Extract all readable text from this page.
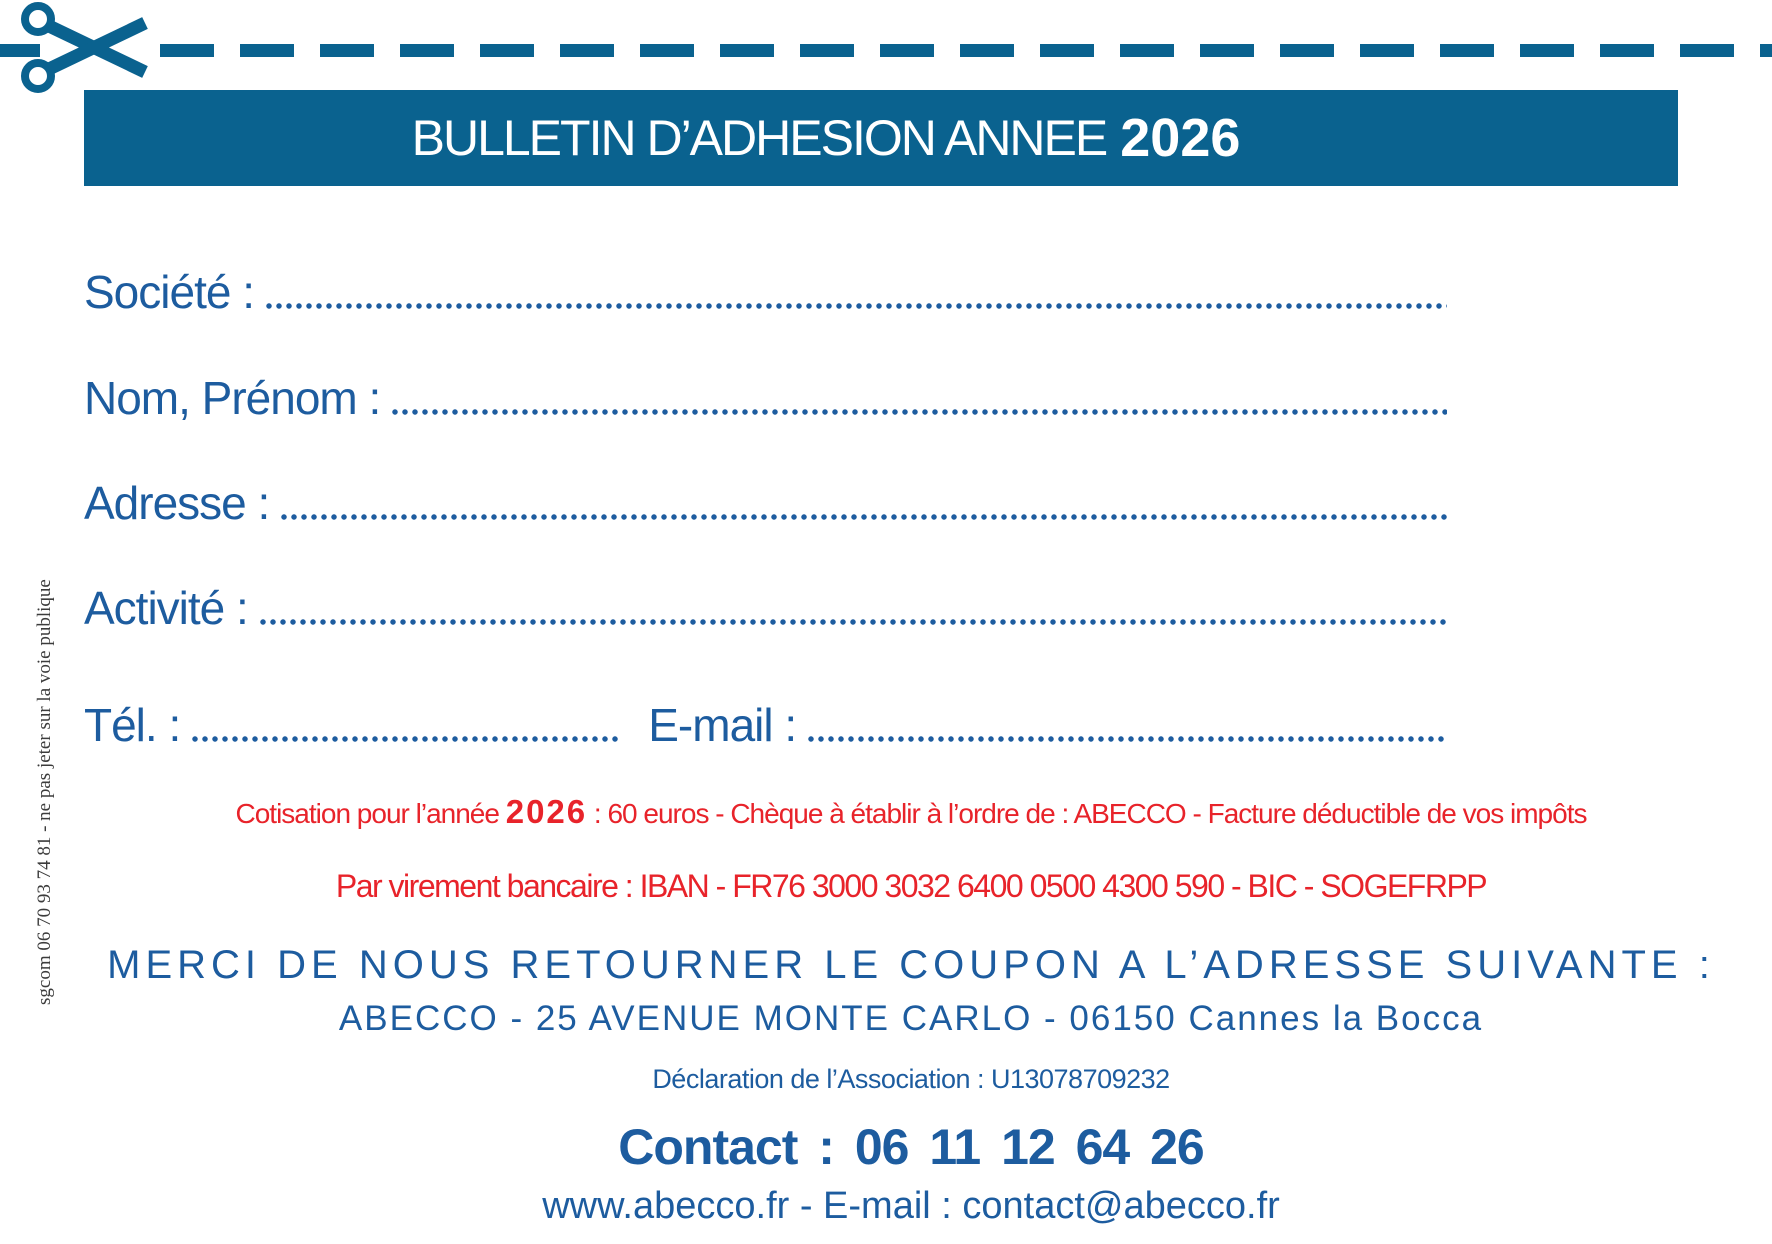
BULLETIN D’ADHESION ANNEE 2026
Société :
Nom, Prénom :
Adresse :
Activité :
Tél. :	E-mail :
Cotisation pour l’année 2026 : 60 euros - Chèque à établir à l’ordre de : ABECCO - Facture déductible de vos impôts
Par virement bancaire : IBAN - FR76 3000 3032 6400 0500 4300 590 - BIC - SOGEFRPP
MERCI DE NOUS RETOURNER LE COUPON A L’ADRESSE SUIVANTE :
ABECCO - 25 AVENUE MONTE CARLO - 06150 Cannes la Bocca
Déclaration de l’Association : U13078709232
Contact : 06 11 12 64 26
www.abecco.fr - E-mail : contact@abecco.fr
sgcom 06 70 93 74 81 - ne pas jeter sur la voie publique
